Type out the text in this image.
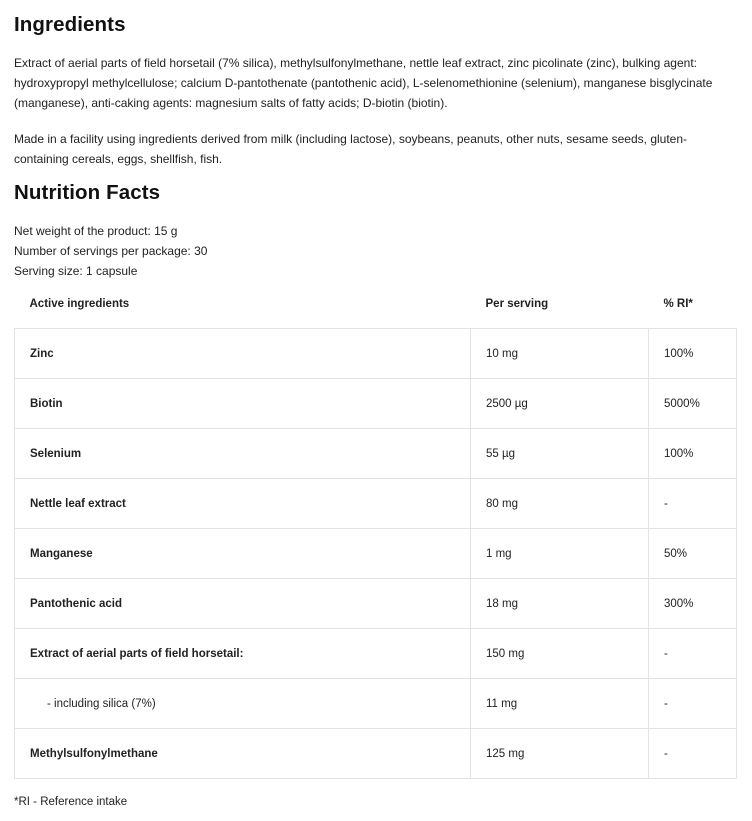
Ingredients

Extract of aerial parts of field horsetail (7% silica), methylsulfonylmethane, nettle leaf extract, zinc picolinate (zinc), bulking agent: hydroxypropyl methylcellulose; calcium D-pantothenate (pantothenic acid), L-selenomethionine (selenium), manganese bisglycinate (manganese), anti-caking agents: magnesium salts of fatty acids; D-biotin (biotin).

Made in a facility using ingredients derived from milk (including lactose), soybeans, peanuts, other nuts, sesame seeds, gluten-containing cereals, eggs, shellfish, fish.

Nutrition Facts
Net weight of the product: 15 g
Number of servings per package: 30
Serving size: 1 capsule
Active ingredients	Per serving	% RI*
Zinc	10 mg	100%
Biotin	2500 µg	5000%
Selenium	55 µg	100%
Nettle leaf extract	80 mg	-
Manganese	1 mg	50%
Pantothenic acid	18 mg	300%
Extract of aerial parts of field horsetail:	150 mg	-
- including silica (7%)	11 mg	-
Methylsulfonylmethane	125 mg	-
*RI - Reference intake
